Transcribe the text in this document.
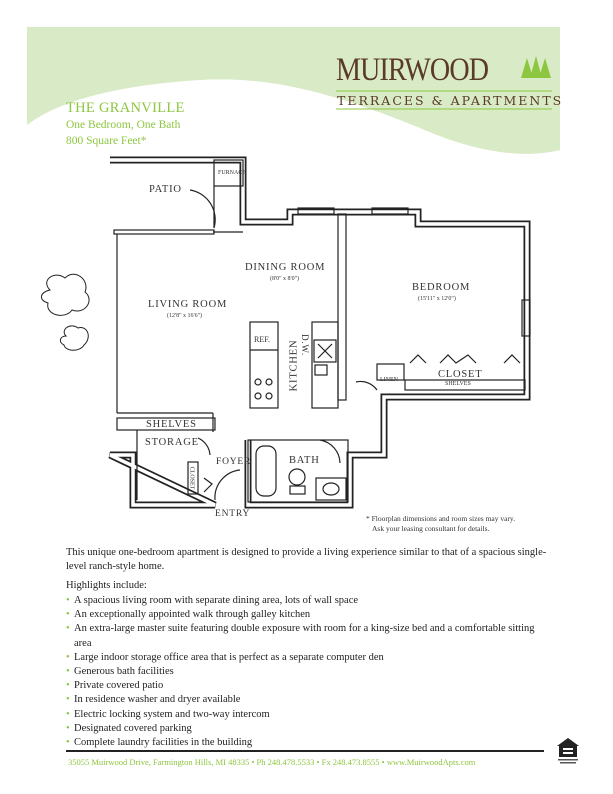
MUIRWOOD
TERRACES & APARTMENTS
THE GRANVILLE
One Bedroom, One Bath
800 Square Feet*
PATIO
FURNACE
DINING ROOM
(8'0" x 8'0")
LIVING ROOM
(12'8" x 16'6")
BEDROOM
(15'11" x 12'0")
REF.
KITCHEN D.W.
LINEN	CLOSET
SHELVES
SHELVES
STORAGE
CLOSET
FOYER	BATH
ENTRY	* Floorplan dimensions and room sizes may vary.
Ask your leasing consultant for details.
This unique one-bedroom apartment is designed to provide a living experience similar to that of a spacious single-level ranch-style home.
Highlights include:
• A spacious living room with separate dining area, lots of wall space
• An exceptionally appointed walk through galley kitchen
• An extra-large master suite featuring double exposure with room for a king-size bed and a comfortable sitting area
• Large indoor storage office area that is perfect as a separate computer den
• Generous bath facilities
• Private covered patio
• In residence washer and dryer available
• Electric locking system and two-way intercom
• Designated covered parking
• Complete laundry facilities in the building
35055 Muirwood Drive, Farmington Hills, MI 48335 • Ph 248.478.5533 • Fx 248.473.8555 • www.MuirwoodApts.com
